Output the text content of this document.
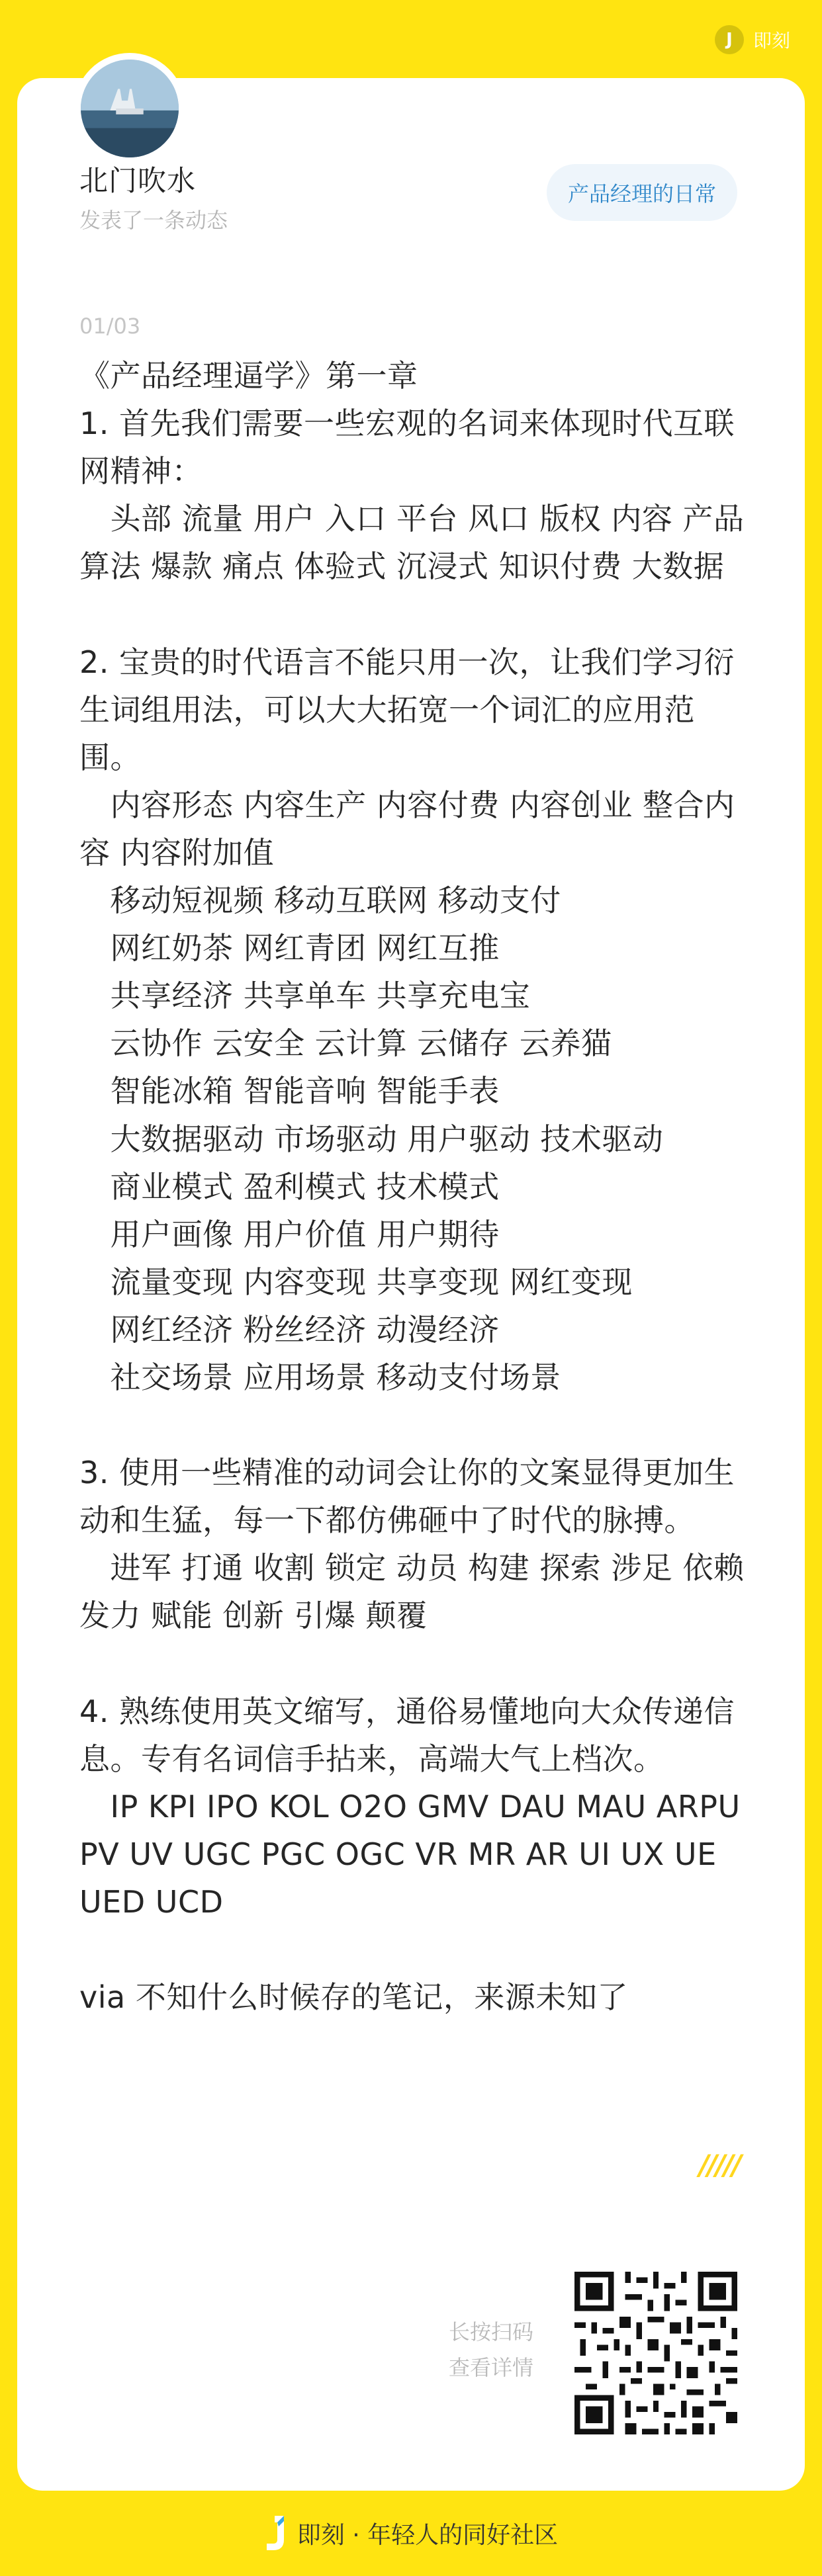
J	即刻
北门吹水
发表了一条动态
产品经理的日常
01/03
《产品经理逼学》第一章
1. 首先我们需要一些宏观的名词来体现时代互联网精神：
　头部 流量 用户 入口 平台 风口 版权 内容 产品 算法 爆款 痛点 体验式 沉浸式 知识付费 大数据

2. 宝贵的时代语言不能只用一次，让我们学习衍生词组用法，可以大大拓宽一个词汇的应用范围。
　内容形态 内容生产 内容付费 内容创业 整合内容 内容附加值
　移动短视频 移动互联网 移动支付
　网红奶茶 网红青团 网红互推
　共享经济 共享单车 共享充电宝
　云协作 云安全 云计算 云储存 云养猫
　智能冰箱 智能音响 智能手表
　大数据驱动 市场驱动 用户驱动 技术驱动
　商业模式 盈利模式 技术模式
　用户画像 用户价值 用户期待
　流量变现 内容变现 共享变现 网红变现
　网红经济 粉丝经济 动漫经济
　社交场景 应用场景 移动支付场景

3. 使用一些精准的动词会让你的文案显得更加生动和生猛，每一下都仿佛砸中了时代的脉搏。
　进军 打通 收割 锁定 动员 构建 探索 涉足 依赖 发力 赋能 创新 引爆 颠覆

4. 熟练使用英文缩写，通俗易懂地向大众传递信息。专有名词信手拈来，高端大气上档次。
　IP KPI IPO KOL O2O GMV DAU MAU ARPU PV UV UGC PGC OGC VR MR AR UI UX UE UED UCD

via 不知什么时候存的笔记，来源未知了
/////
长按扫码
查看详情
即刻 · 年轻人的同好社区
